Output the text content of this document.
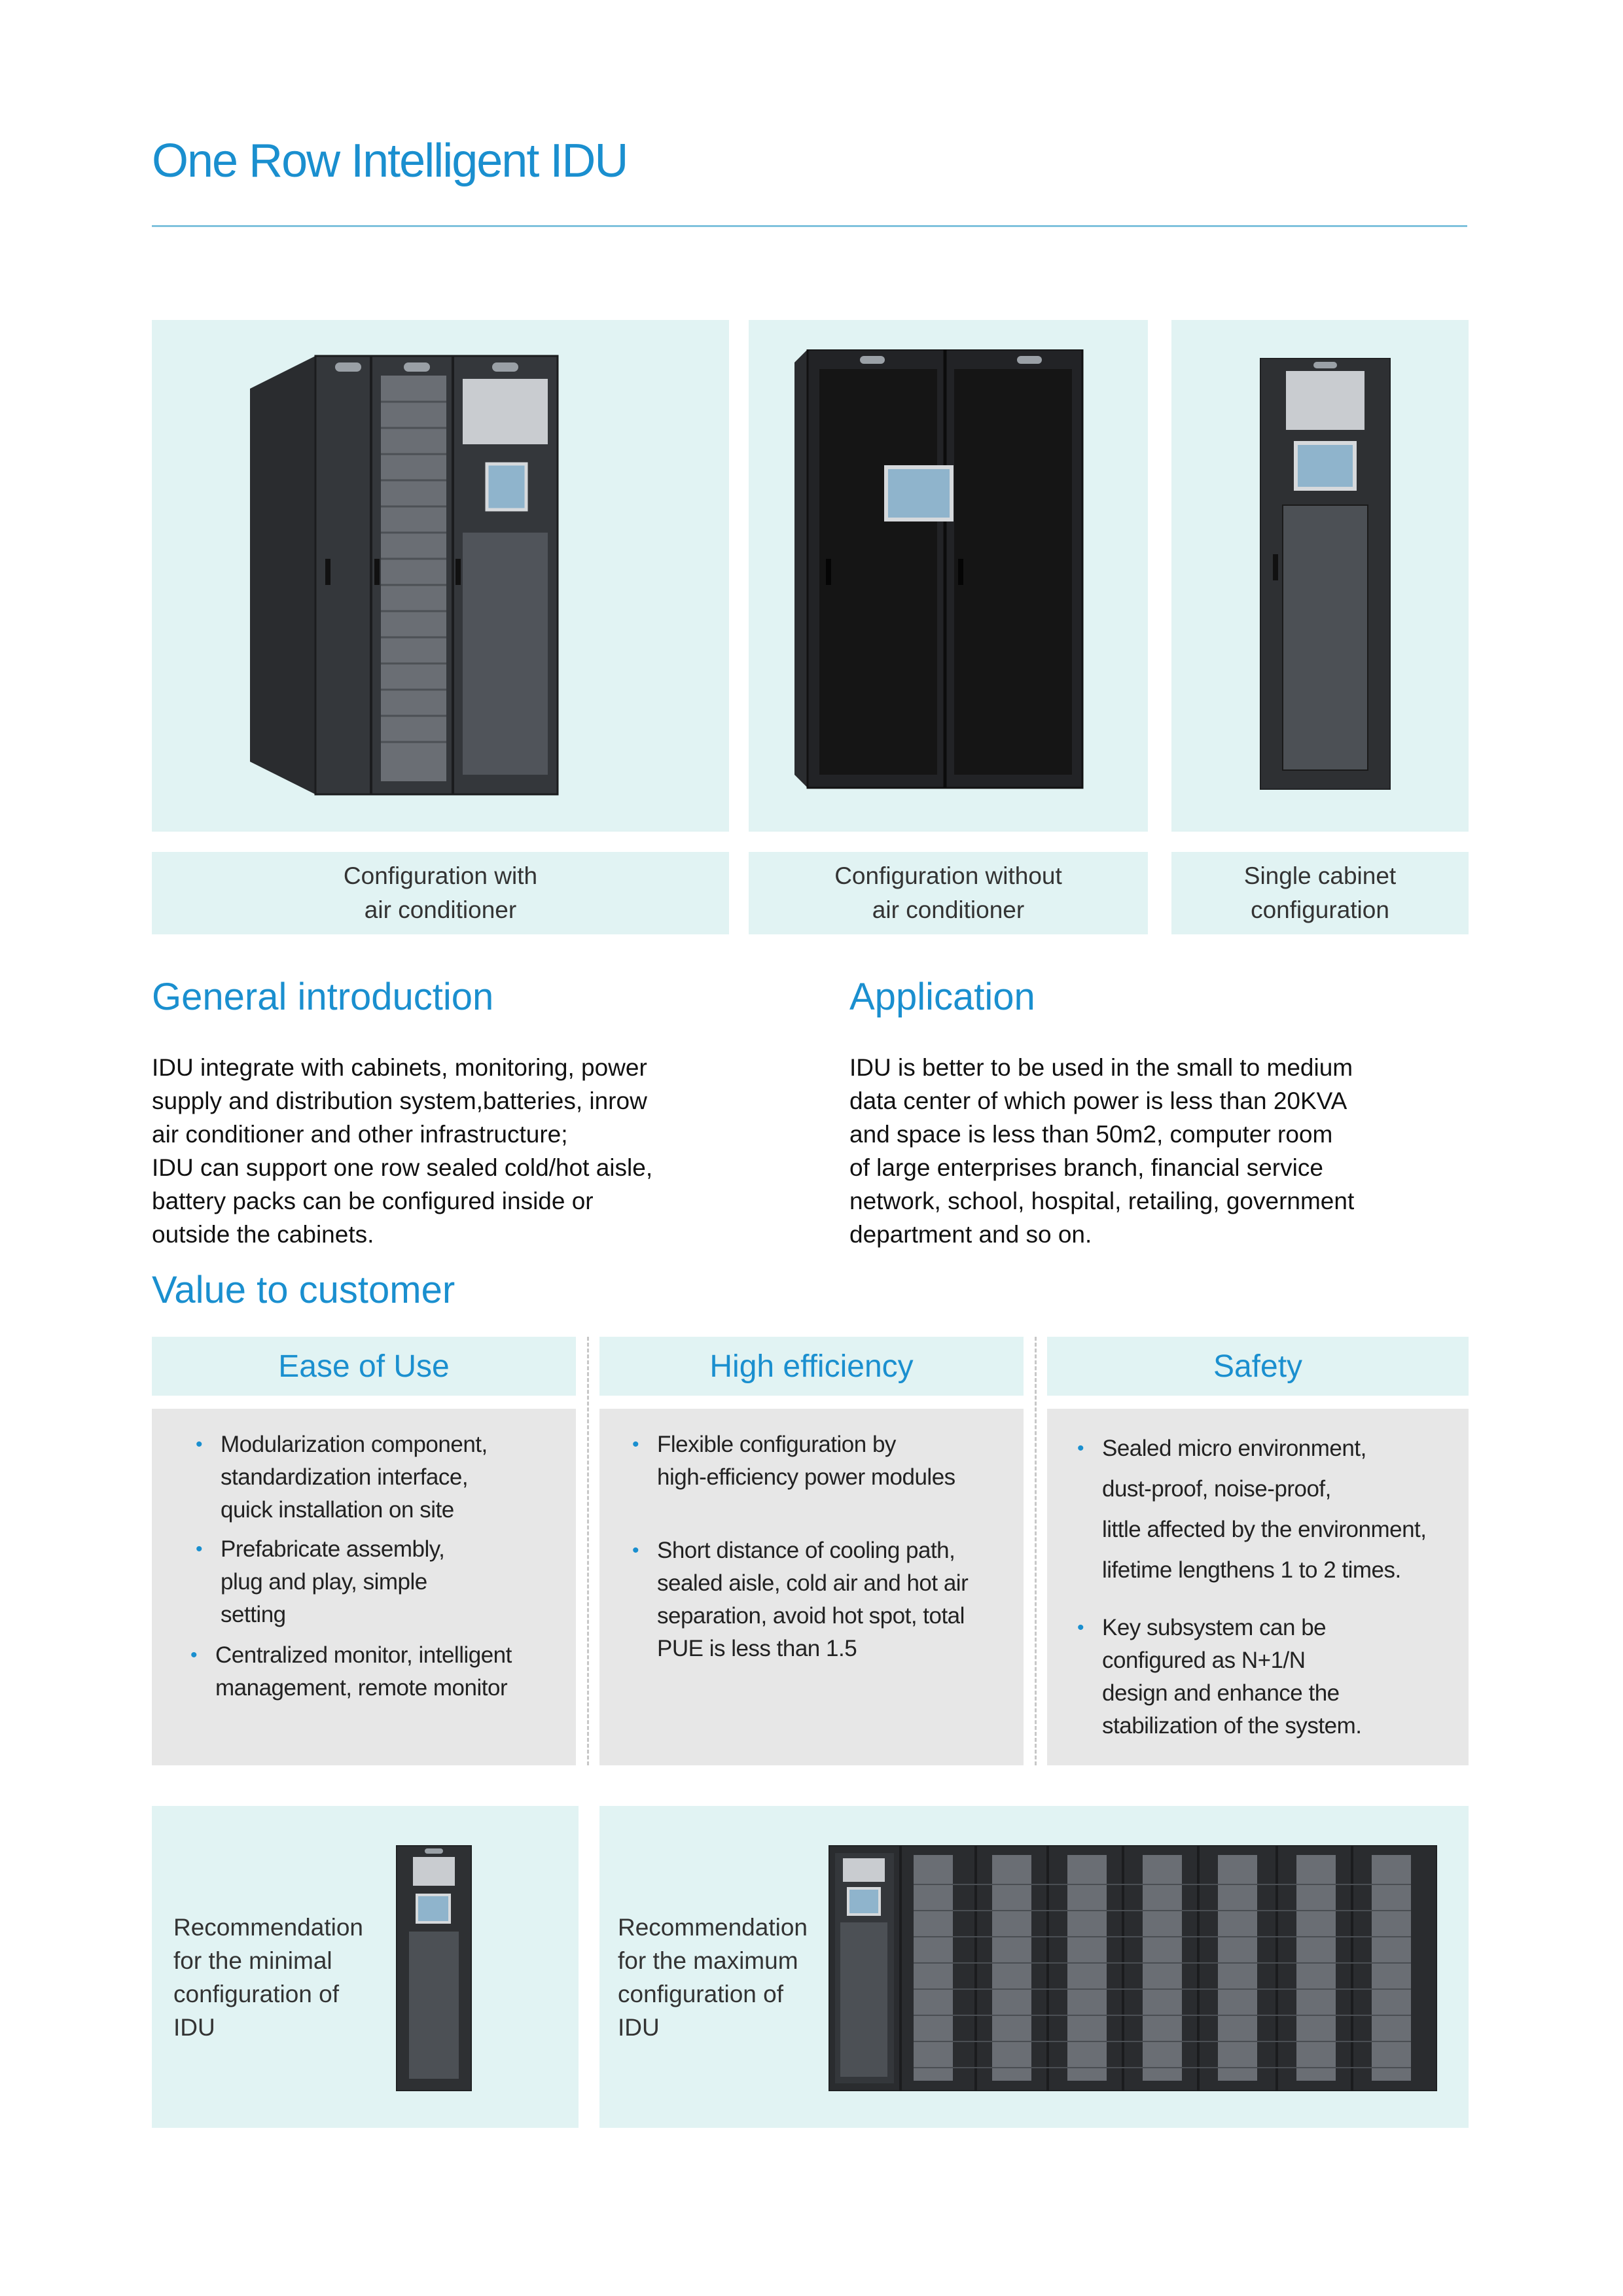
One Row Intelligent IDU
Configuration with
air conditioner
Configuration without
air conditioner
Single cabinet
configuration
General introduction
IDU integrate with cabinets, monitoring, power
supply and distribution system,batteries, inrow
air conditioner and other infrastructure;
IDU can support one row sealed cold/hot aisle,
battery packs can be configured inside or
outside the cabinets.
Application
IDU is better to be used in the small to medium
data center of which power is less than 20KVA
and space is less than 50m2, computer room
of large enterprises branch, financial service
network, school, hospital, retailing, government
department and so on.
Value to customer
Ease of Use	High efficiency	Safety
• Modularization component,
standardization interface,
quick installation on site
• Prefabricate assembly,
plug and play, simple
setting
• Centralized monitor, intelligent
management, remote monitor
• Flexible configuration by
high-efficiency power modules
• Short distance of cooling path,
sealed aisle, cold air and hot air
separation, avoid hot spot, total
PUE is less than 1.5
• Sealed micro environment,
dust-proof, noise-proof,
little affected by the environment,
lifetime lengthens 1 to 2 times.
• Key subsystem can be
configured as N+1/N
design and enhance the
stabilization of the system.
Recommendation
for the minimal
configuration of
IDU
Recommendation
for the maximum
configuration of
IDU
